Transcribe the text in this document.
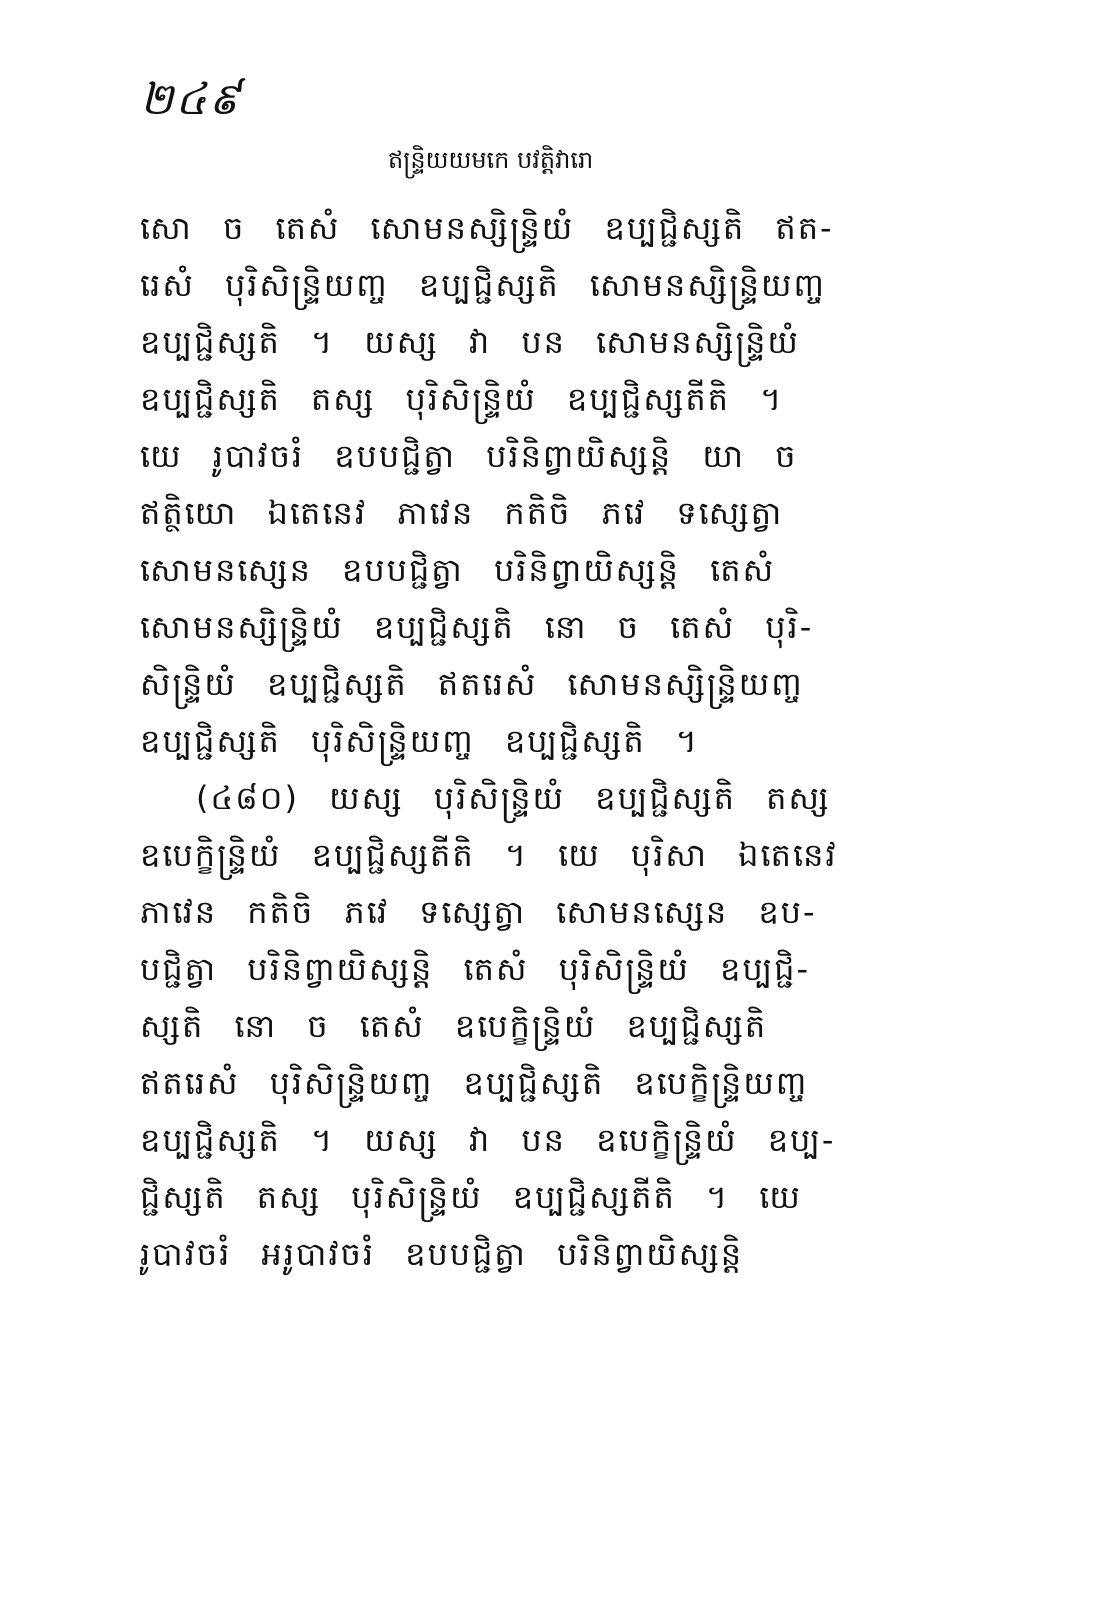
២៤៩
ឥន្ទ្រិយយមកេ បវត្តិវារោ
សោ ច តេសំ សោមនស្សិន្ទ្រិយំ ឧប្បជ្ជិស្សតិ ឥត-
រេសំ បុរិសិន្ទ្រិយញ្ច ឧប្បជ្ជិស្សតិ សោមនស្សិន្ទ្រិយញ្ច
ឧប្បជ្ជិស្សតិ ។ យស្ស វា បន សោមនស្សិន្ទ្រិយំ
ឧប្បជ្ជិស្សតិ តស្ស បុរិសិន្ទ្រិយំ ឧប្បជ្ជិស្សតីតិ ។
យេ រូបាវចរំ ឧបបជ្ជិត្វា បរិនិព្វាយិស្សន្តិ យា ច
ឥត្ថិយោ ឯតេនេវ ភាវេន កតិចិ ភវេ ទស្សេត្វា
សោមនស្សេន ឧបបជ្ជិត្វា បរិនិព្វាយិស្សន្តិ តេសំ
សោមនស្សិន្ទ្រិយំ ឧប្បជ្ជិស្សតិ នោ ច តេសំ បុរិ-
សិន្ទ្រិយំ ឧប្បជ្ជិស្សតិ ឥតរេសំ សោមនស្សិន្ទ្រិយញ្ច
ឧប្បជ្ជិស្សតិ បុរិសិន្ទ្រិយញ្ច ឧប្បជ្ជិស្សតិ ។
(៤៨០) យស្ស បុរិសិន្ទ្រិយំ ឧប្បជ្ជិស្សតិ តស្ស
ឧបេក្ខិន្ទ្រិយំ ឧប្បជ្ជិស្សតីតិ ។ យេ បុរិសា ឯតេនេវ
ភាវេន កតិចិ ភវេ ទស្សេត្វា សោមនស្សេន ឧប-
បជ្ជិត្វា បរិនិព្វាយិស្សន្តិ តេសំ បុរិសិន្ទ្រិយំ ឧប្បជ្ជិ-
ស្សតិ នោ ច តេសំ ឧបេក្ខិន្ទ្រិយំ ឧប្បជ្ជិស្សតិ
ឥតរេសំ បុរិសិន្ទ្រិយញ្ច ឧប្បជ្ជិស្សតិ ឧបេក្ខិន្ទ្រិយញ្ច
ឧប្បជ្ជិស្សតិ ។ យស្ស វា បន ឧបេក្ខិន្ទ្រិយំ ឧប្ប-
ជ្ជិស្សតិ តស្ស បុរិសិន្ទ្រិយំ ឧប្បជ្ជិស្សតីតិ ។ យេ
រូបាវចរំ អរូបាវចរំ ឧបបជ្ជិត្វា បរិនិព្វាយិស្សន្តិ
